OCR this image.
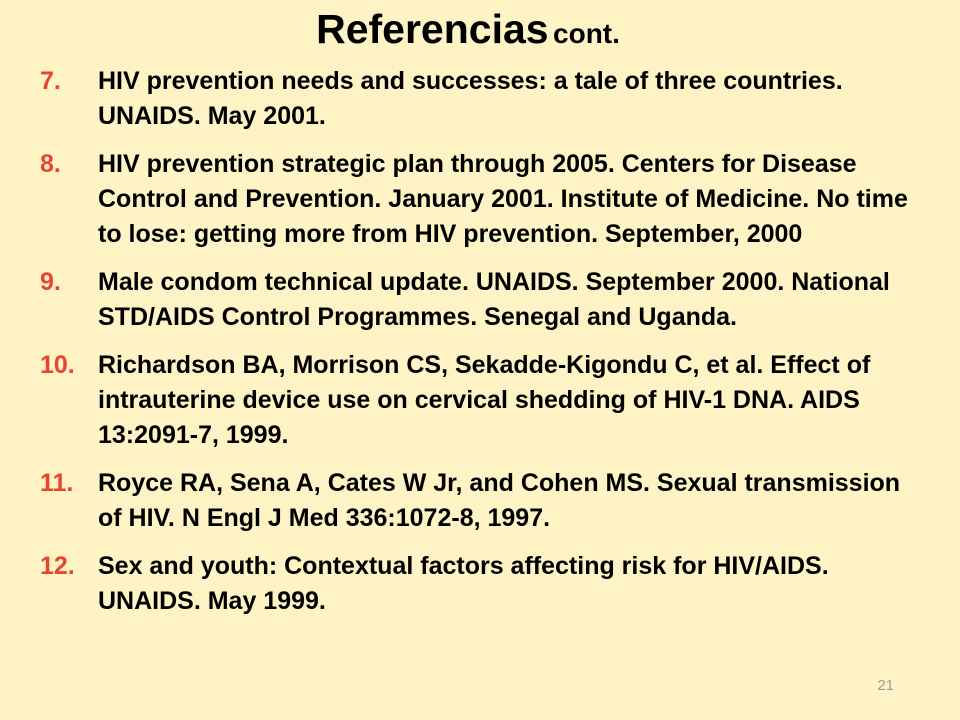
Referencias cont.
7.	HIV prevention needs and successes: a tale of three countries. UNAIDS. May 2001.
8.	HIV prevention strategic plan through 2005. Centers for Disease Control and Prevention. January 2001. Institute of Medicine. No time to lose: getting more from HIV prevention. September, 2000
9.	Male condom technical update. UNAIDS. September 2000. National STD/AIDS Control Programmes. Senegal and Uganda.
10. Richardson BA, Morrison CS, Sekadde-Kigondu C, et al. Effect of intrauterine device use on cervical shedding of HIV-1 DNA. AIDS 13:2091-7, 1999.
11. Royce RA, Sena A, Cates W Jr, and Cohen MS. Sexual transmission of HIV. N Engl J Med 336:1072-8, 1997.
12. Sex and youth: Contextual factors affecting risk for HIV/AIDS. UNAIDS. May 1999.
21
